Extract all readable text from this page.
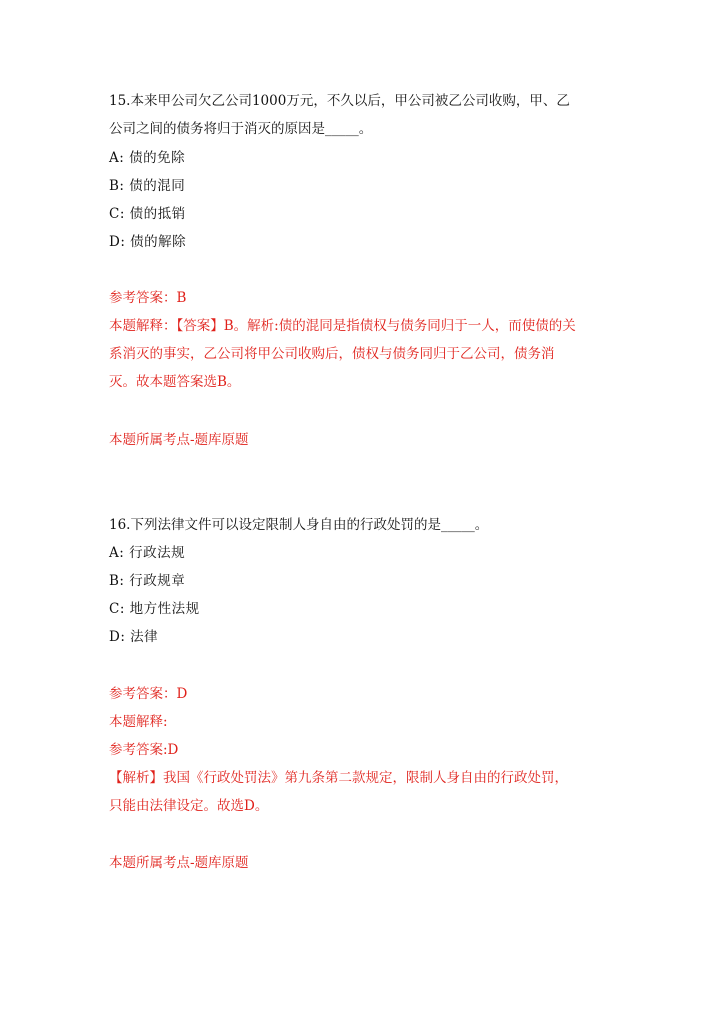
15.本来甲公司欠乙公司1000万元，不久以后，甲公司被乙公司收购，甲、乙
公司之间的债务将归于消灭的原因是_____。
A: 债的免除
B: 债的混同
C: 债的抵销
D: 债的解除
参考答案：B
本题解释：【答案】B。解析:债的混同是指债权与债务同归于一人，而使债的关
系消灭的事实，乙公司将甲公司收购后，债权与债务同归于乙公司，债务消
灭。故本题答案选B。
本题所属考点-题库原题
16.下列法律文件可以设定限制人身自由的行政处罚的是_____。
A: 行政法规
B: 行政规章
C: 地方性法规
D: 法律
参考答案：D
本题解释:
参考答案:D
【解析】我国《行政处罚法》第九条第二款规定，限制人身自由的行政处罚，
只能由法律设定。故选D。
本题所属考点-题库原题
